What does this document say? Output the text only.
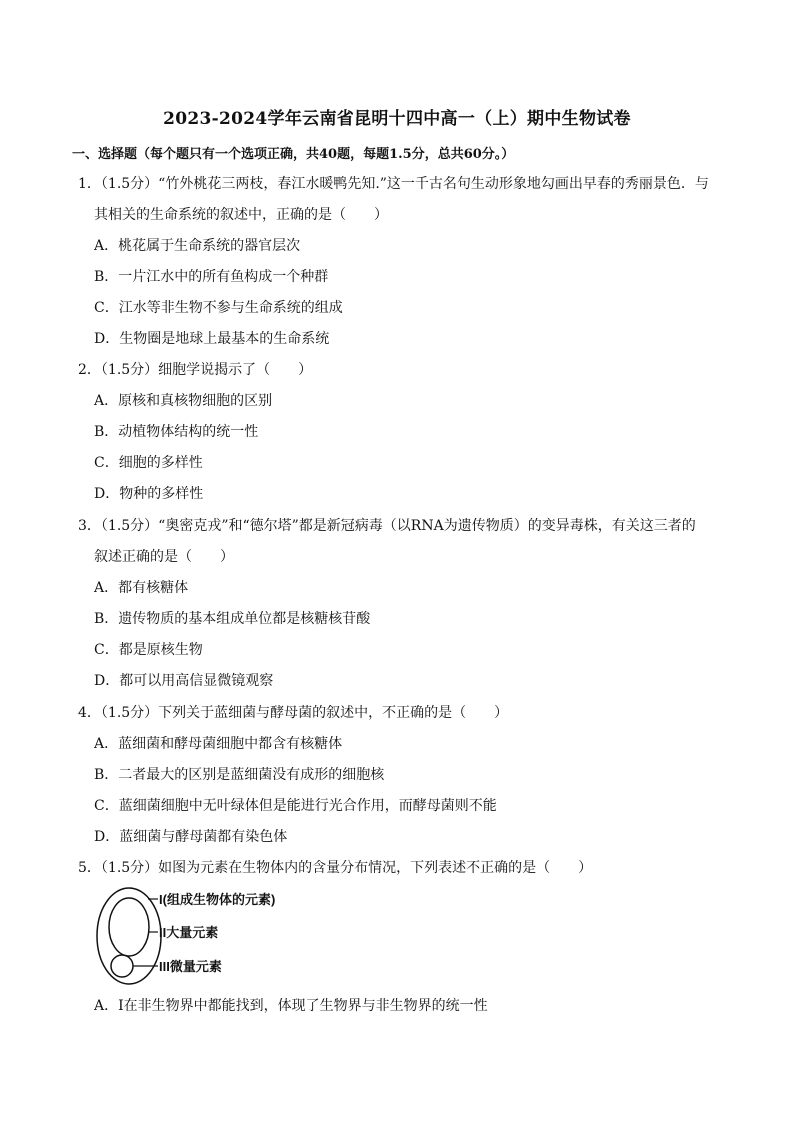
2023-2024学年云南省昆明十四中高一（上）期中生物试卷
一、选择题（每个题只有一个选项正确，共40题，每题1.5分，总共60分。）
1．（1.5分）“竹外桃花三两枝，春江水暖鸭先知.”这一千古名句生动形象地勾画出早春的秀丽景色．与
其相关的生命系统的叙述中，正确的是（　　）
A．桃花属于生命系统的器官层次
B．一片江水中的所有鱼构成一个种群
C．江水等非生物不参与生命系统的组成
D．生物圈是地球上最基本的生命系统
2．（1.5分）细胞学说揭示了（　　）
A．原核和真核物细胞的区别
B．动植物体结构的统一性
C．细胞的多样性
D．物种的多样性
3．（1.5分）“奥密克戎”和“德尔塔”都是新冠病毒（以RNA为遗传物质）的变异毒株，有关这三者的
叙述正确的是（　　）
A．都有核糖体
B．遗传物质的基本组成单位都是核糖核苷酸
C．都是原核生物
D．都可以用高信显微镜观察
4．（1.5分）下列关于蓝细菌与酵母菌的叙述中，不正确的是（　　）
A．蓝细菌和酵母菌细胞中都含有核糖体
B．二者最大的区别是蓝细菌没有成形的细胞核
C．蓝细菌细胞中无叶绿体但是能进行光合作用，而酵母菌则不能
D．蓝细菌与酵母菌都有染色体
5．（1.5分）如图为元素在生物体内的含量分布情况，下列表述不正确的是（　　）
I(组成生物体的元素)
II大量元素
III微量元素
A．Ⅰ在非生物界中都能找到，体现了生物界与非生物界的统一性
